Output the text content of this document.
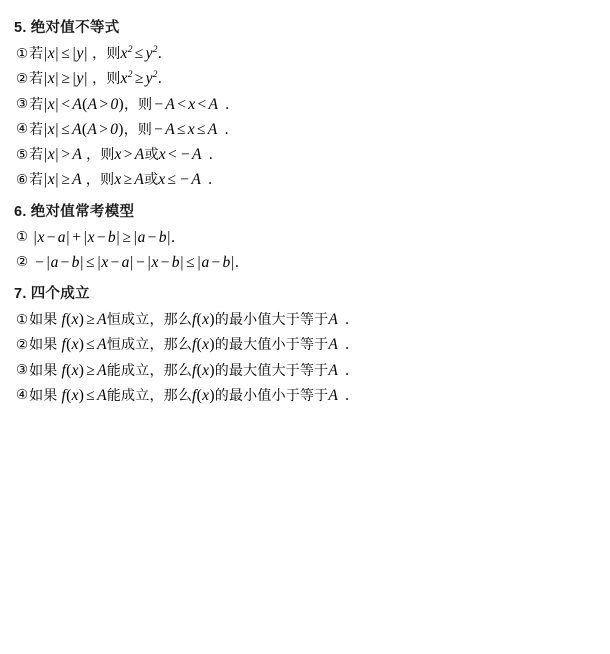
5. 绝对值不等式
①若|x| ≤ |y| ，则$x^2 \le y^2$.
②若|x| ≥ |y| ，则$x^2 \ge y^2$.
③若|x| < A(A > 0)，则 − A < x < A .
④若|x| ≤ A(A > 0)，则 − A ≤ x ≤ A .
⑤若|x| > A ，则x > A或x < − A .
⑥若|x| ≥ A ，则x ≥ A或x ≤ − A .
6. 绝对值常考模型
① |x − a| + |x − b| ≥ |a − b|.
② − |a − b| ≤ |x − a| − |x − b| ≤ |a − b|.
7. 四个成立
①如果 f(x) ≥ A恒成立，那么f(x)的最小值大于等于A .
②如果 f(x) ≤ A恒成立，那么f(x)的最大值小于等于A .
③如果 f(x) ≥ A能成立，那么f(x)的最大值大于等于A .
④如果 f(x) ≤ A能成立，那么f(x)的最小值小于等于A .
